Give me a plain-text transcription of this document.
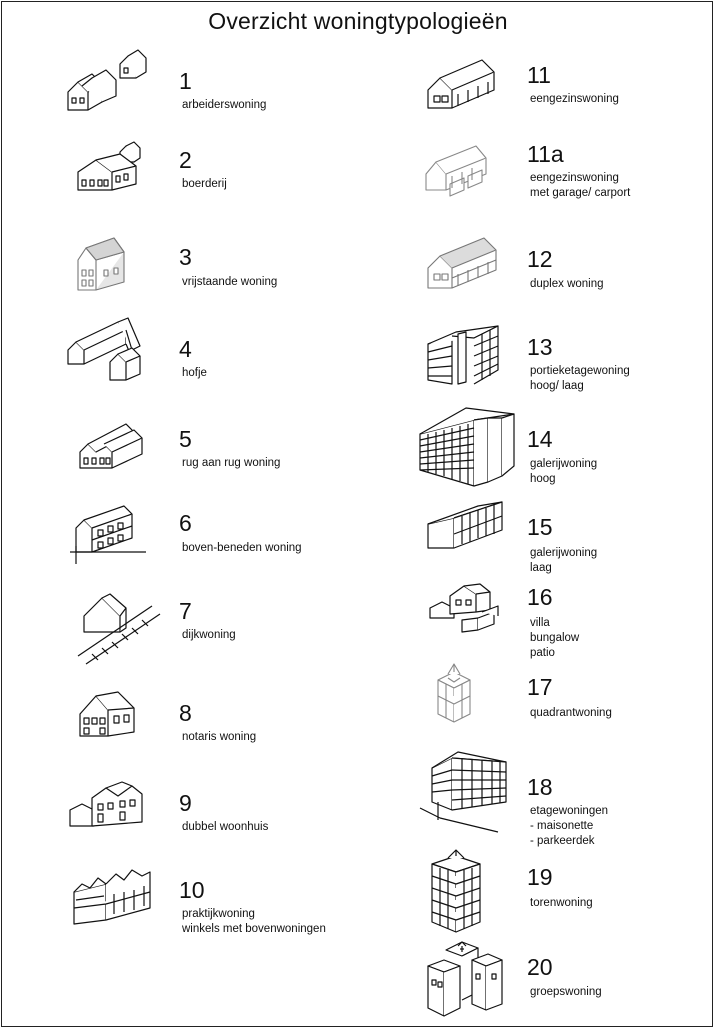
Overzicht woningtypologieën
1
arbeiderswoning
2
boerderij
3
vrijstaande woning
4
hofje
5
rug aan rug woning
6
boven-beneden woning
7
dijkwoning
8
notaris woning
9
dubbel woonhuis
10
praktijkwoning
winkels met bovenwoningen
11
eengezinswoning
11a
eengezinswoning
met garage/ carport
12
duplex woning
13
portieketagewoning
hoog/ laag
14
galerijwoning
hoog
15
galerijwoning
laag
16
villa
bungalow
patio
17
quadrantwoning
18
etagewoningen
- maisonette
- parkeerdek
19
torenwoning
20
groepswoning
